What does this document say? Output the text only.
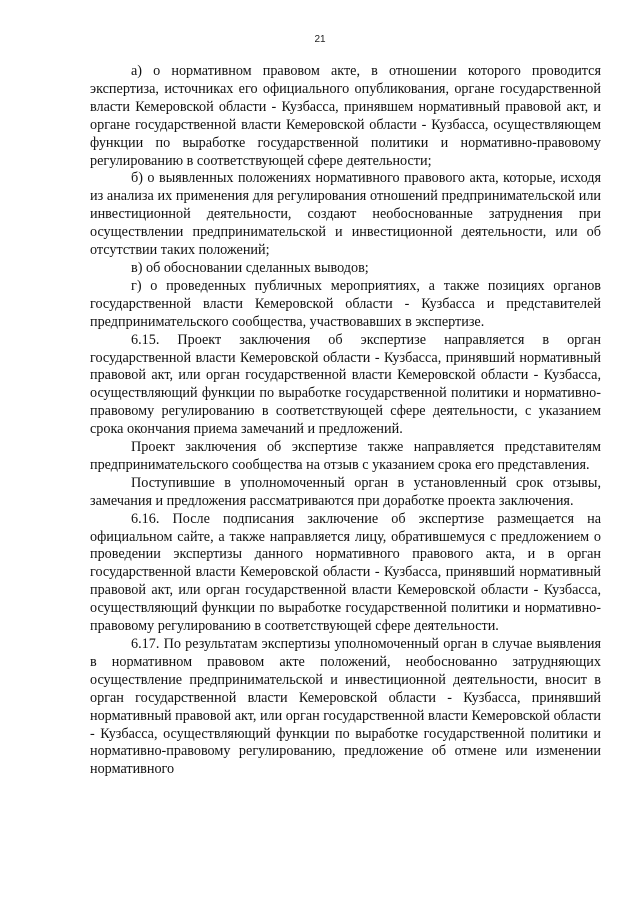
21

а) о нормативном правовом акте, в отношении которого проводится экспертиза, источниках его официального опубликования, органе государственной власти Кемеровской области - Кузбасса, принявшем нормативный правовой акт, и органе государственной власти Кемеровской области - Кузбасса, осуществляющем функции по выработке государственной политики и нормативно-правовому регулированию в соответствующей сфере деятельности;

б) о выявленных положениях нормативного правового акта, которые, исходя из анализа их применения для регулирования отношений предпринимательской или инвестиционной деятельности, создают необоснованные затруднения при осуществлении предпринимательской и инвестиционной деятельности, или об отсутствии таких положений;

в) об обосновании сделанных выводов;

г) о проведенных публичных мероприятиях, а также позициях органов государственной власти Кемеровской области - Кузбасса и представителей предпринимательского сообщества, участвовавших в экспертизе.

6.15. Проект заключения об экспертизе направляется в орган государственной власти Кемеровской области - Кузбасса, принявший нормативный правовой акт, или орган государственной власти Кемеровской области - Кузбасса, осуществляющий функции по выработке государственной политики и нормативно-правовому регулированию в соответствующей сфере деятельности, с указанием срока окончания приема замечаний и предложений.

Проект заключения об экспертизе также направляется представителям предпринимательского сообщества на отзыв с указанием срока его представления.

Поступившие в уполномоченный орган в установленный срок отзывы, замечания и предложения рассматриваются при доработке проекта заключения.

6.16. После подписания заключение об экспертизе размещается на официальном сайте, а также направляется лицу, обратившемуся с предложением о проведении экспертизы данного нормативного правового акта, и в орган государственной власти Кемеровской области - Кузбасса, принявший нормативный правовой акт, или орган государственной власти Кемеровской области - Кузбасса, осуществляющий функции по выработке государственной политики и нормативно-правовому регулированию в соответствующей сфере деятельности.

6.17. По результатам экспертизы уполномоченный орган в случае выявления в нормативном правовом акте положений, необоснованно затрудняющих осуществление предпринимательской и инвестиционной деятельности, вносит в орган государственной власти Кемеровской области - Кузбасса, принявший нормативный правовой акт, или орган государственной власти Кемеровской области - Кузбасса, осуществляющий функции по выработке государственной политики и нормативно-правовому регулированию, предложение об отмене или изменении нормативного
